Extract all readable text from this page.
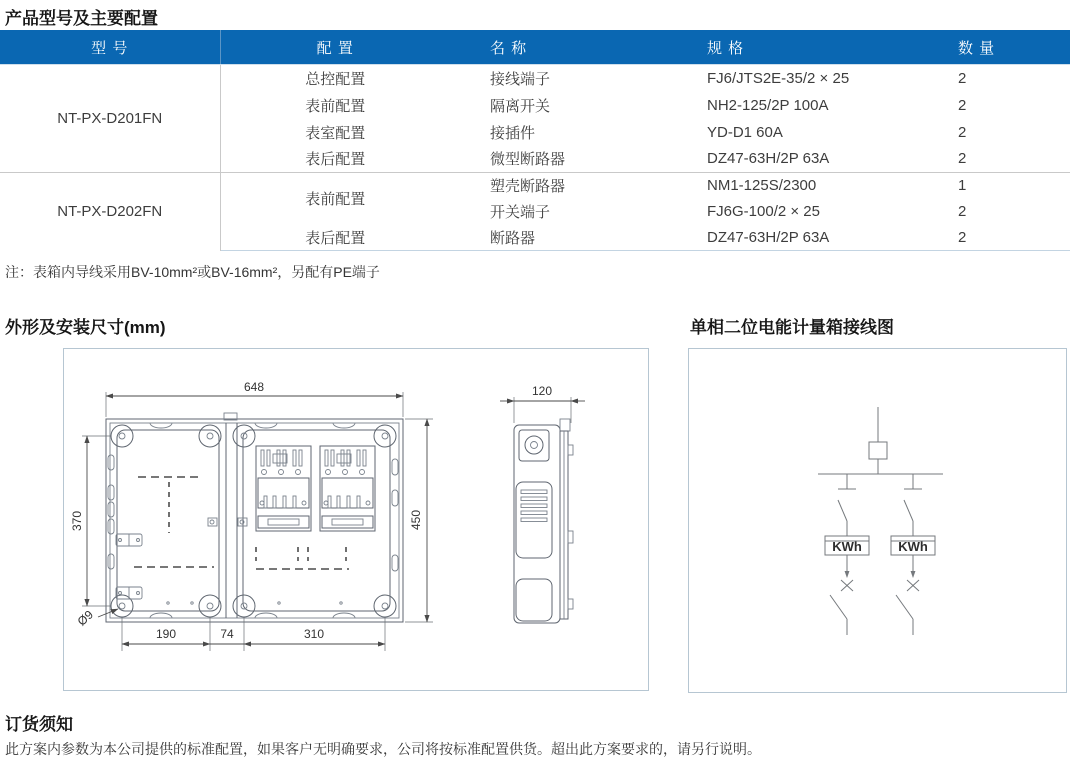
产品型号及主要配置
型 号	配 置	名 称	规 格	数 量
NT-PX-D201FN	总控配置	接线端子	FJ6/JTS2E-35/2 × 25	2
	表前配置	隔离开关	NH2-125/2P 100A	2
	表室配置	接插件	YD-D1 60A	2
	表后配置	微型断路器	DZ47-63H/2P 63A	2
NT-PX-D202FN	表前配置	塑壳断路器	NM1-125S/2300	1
		开关端子	FJ6G-100/2 × 25	2
	表后配置	断路器	DZ47-63H/2P 63A	2
注：表箱内导线采用BV-10mm²或BV-16mm²，另配有PE端子
外形及安装尺寸(mm)	单相二位电能计量箱接线图
648
450
370
190	74	310
Ø9
120
KWh	KWh
订货须知
此方案内参数为本公司提供的标准配置，如果客户无明确要求，公司将按标准配置供货。超出此方案要求的，请另行说明。
